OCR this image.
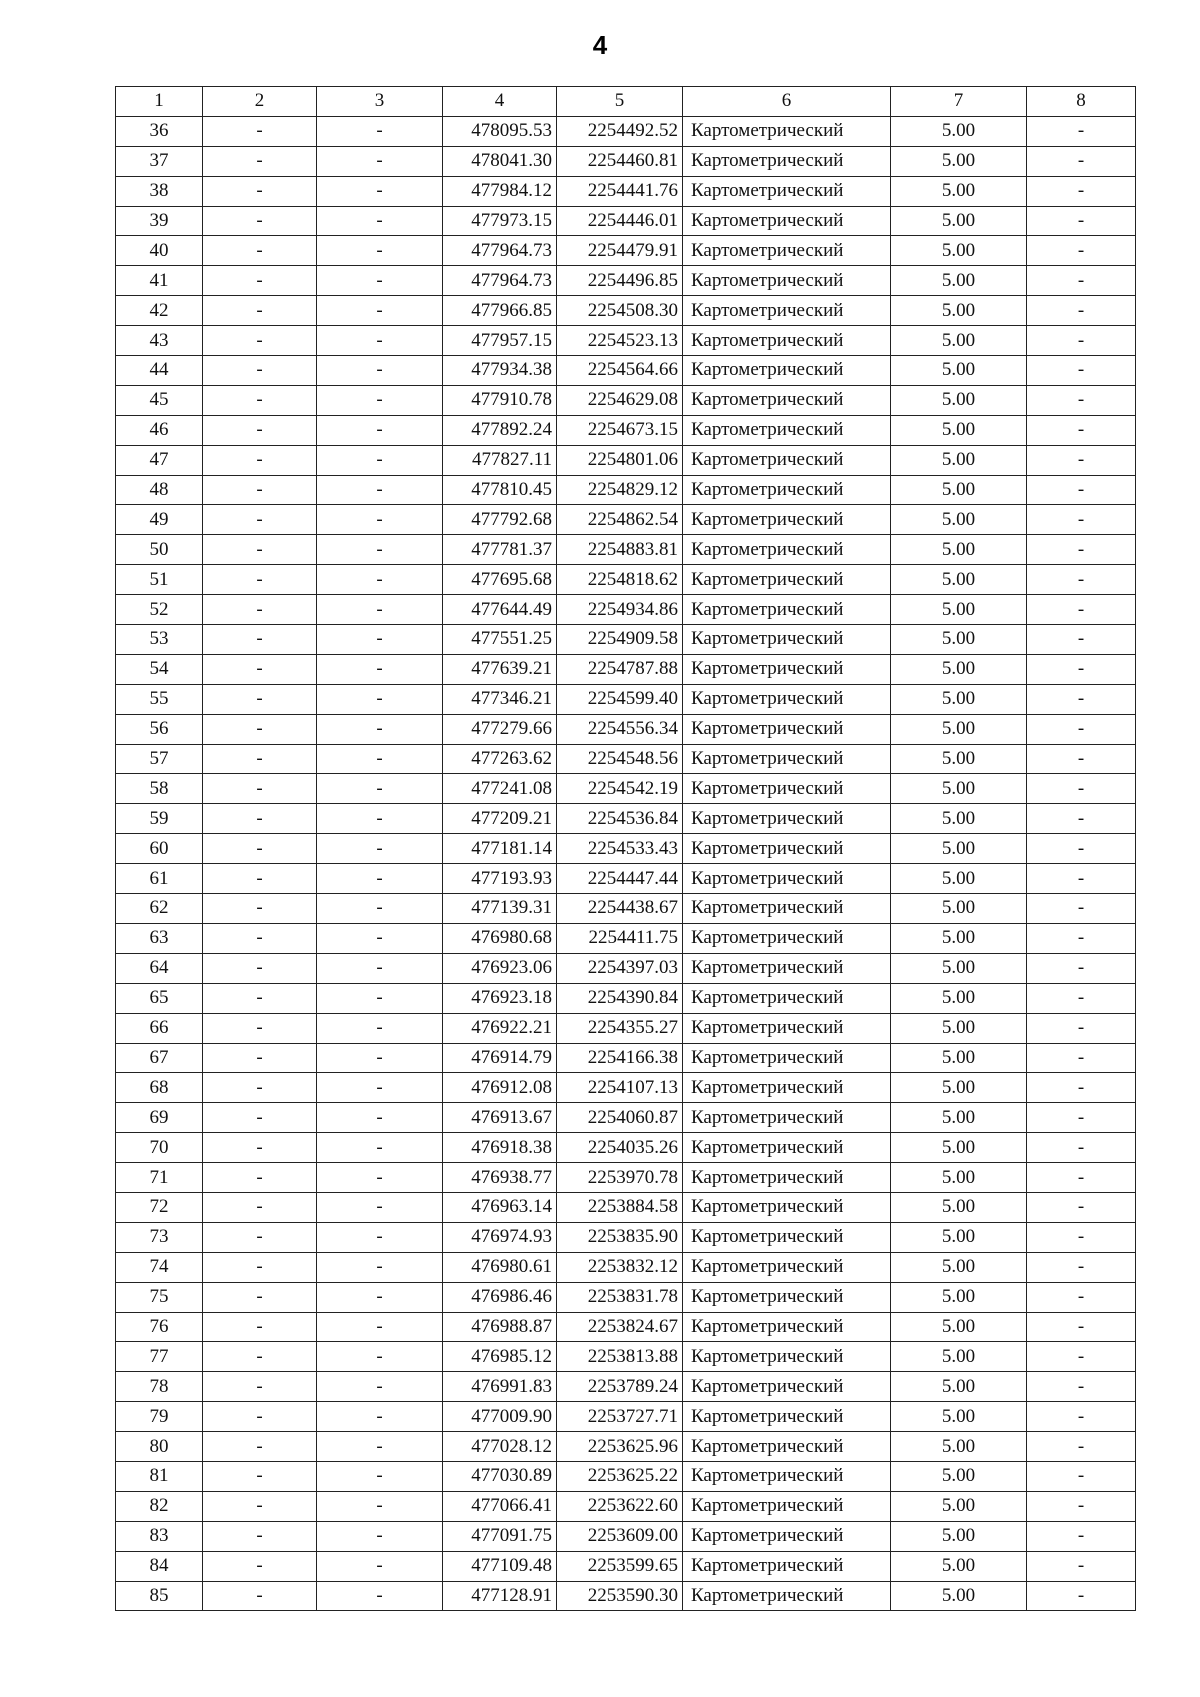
4
1	2	3	4	5	6	7	8
36	-	-	478095.53	2254492.52	Картометрический	5.00	-
37	-	-	478041.30	2254460.81	Картометрический	5.00	-
38	-	-	477984.12	2254441.76	Картометрический	5.00	-
39	-	-	477973.15	2254446.01	Картометрический	5.00	-
40	-	-	477964.73	2254479.91	Картометрический	5.00	-
41	-	-	477964.73	2254496.85	Картометрический	5.00	-
42	-	-	477966.85	2254508.30	Картометрический	5.00	-
43	-	-	477957.15	2254523.13	Картометрический	5.00	-
44	-	-	477934.38	2254564.66	Картометрический	5.00	-
45	-	-	477910.78	2254629.08	Картометрический	5.00	-
46	-	-	477892.24	2254673.15	Картометрический	5.00	-
47	-	-	477827.11	2254801.06	Картометрический	5.00	-
48	-	-	477810.45	2254829.12	Картометрический	5.00	-
49	-	-	477792.68	2254862.54	Картометрический	5.00	-
50	-	-	477781.37	2254883.81	Картометрический	5.00	-
51	-	-	477695.68	2254818.62	Картометрический	5.00	-
52	-	-	477644.49	2254934.86	Картометрический	5.00	-
53	-	-	477551.25	2254909.58	Картометрический	5.00	-
54	-	-	477639.21	2254787.88	Картометрический	5.00	-
55	-	-	477346.21	2254599.40	Картометрический	5.00	-
56	-	-	477279.66	2254556.34	Картометрический	5.00	-
57	-	-	477263.62	2254548.56	Картометрический	5.00	-
58	-	-	477241.08	2254542.19	Картометрический	5.00	-
59	-	-	477209.21	2254536.84	Картометрический	5.00	-
60	-	-	477181.14	2254533.43	Картометрический	5.00	-
61	-	-	477193.93	2254447.44	Картометрический	5.00	-
62	-	-	477139.31	2254438.67	Картометрический	5.00	-
63	-	-	476980.68	2254411.75	Картометрический	5.00	-
64	-	-	476923.06	2254397.03	Картометрический	5.00	-
65	-	-	476923.18	2254390.84	Картометрический	5.00	-
66	-	-	476922.21	2254355.27	Картометрический	5.00	-
67	-	-	476914.79	2254166.38	Картометрический	5.00	-
68	-	-	476912.08	2254107.13	Картометрический	5.00	-
69	-	-	476913.67	2254060.87	Картометрический	5.00	-
70	-	-	476918.38	2254035.26	Картометрический	5.00	-
71	-	-	476938.77	2253970.78	Картометрический	5.00	-
72	-	-	476963.14	2253884.58	Картометрический	5.00	-
73	-	-	476974.93	2253835.90	Картометрический	5.00	-
74	-	-	476980.61	2253832.12	Картометрический	5.00	-
75	-	-	476986.46	2253831.78	Картометрический	5.00	-
76	-	-	476988.87	2253824.67	Картометрический	5.00	-
77	-	-	476985.12	2253813.88	Картометрический	5.00	-
78	-	-	476991.83	2253789.24	Картометрический	5.00	-
79	-	-	477009.90	2253727.71	Картометрический	5.00	-
80	-	-	477028.12	2253625.96	Картометрический	5.00	-
81	-	-	477030.89	2253625.22	Картометрический	5.00	-
82	-	-	477066.41	2253622.60	Картометрический	5.00	-
83	-	-	477091.75	2253609.00	Картометрический	5.00	-
84	-	-	477109.48	2253599.65	Картометрический	5.00	-
85	-	-	477128.91	2253590.30	Картометрический	5.00	-
